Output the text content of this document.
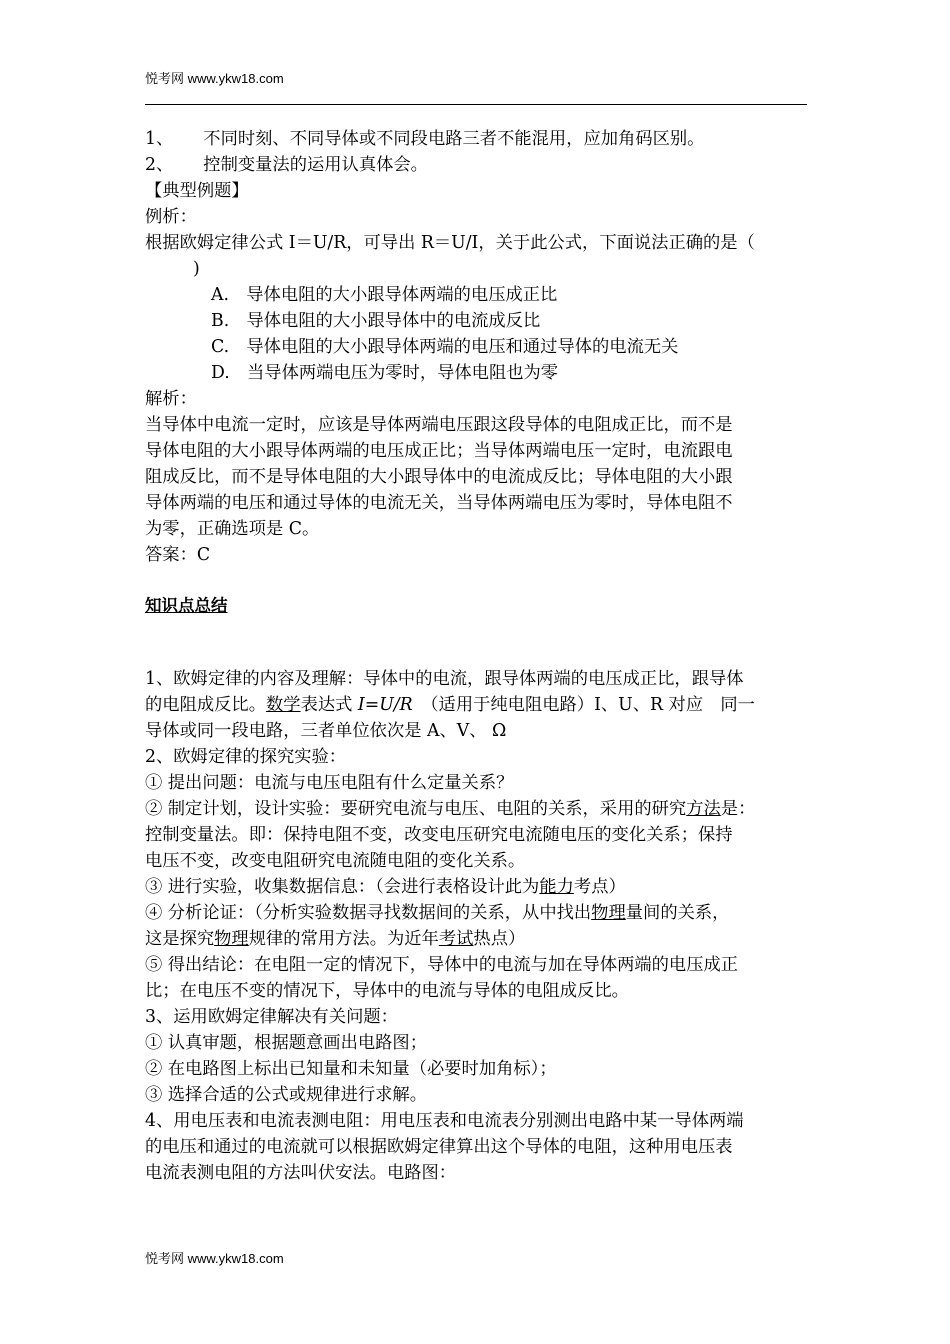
悦考网 www.ykw18.com
1、 不同时刻、不同导体或不同段电路三者不能混用，应加角码区别。
2、 控制变量法的运用认真体会。
【典型例题】
例析：
根据欧姆定律公式 I＝U/R，可导出 R＝U/I，关于此公式，下面说法正确的是（
)
A.　导体电阻的大小跟导体两端的电压成正比
B.　导体电阻的大小跟导体中的电流成反比
C.　导体电阻的大小跟导体两端的电压和通过导体的电流无关
D.　当导体两端电压为零时，导体电阻也为零
解析：
当导体中电流一定时，应该是导体两端电压跟这段导体的电阻成正比，而不是
导体电阻的大小跟导体两端的电压成正比；当导体两端电压一定时，电流跟电
阻成反比，而不是导体电阻的大小跟导体中的电流成反比；导体电阻的大小跟
导体两端的电压和通过导体的电流无关，当导体两端电压为零时，导体电阻不
为零，正确选项是 C。
答案：C
知识点总结
1、欧姆定律的内容及理解：导体中的电流，跟导体两端的电压成正比，跟导体
的电阻成反比。数学表达式 I=U/R　（适用于纯电阻电路）I、U、R 对应　同一
导体或同一段电路，三者单位依次是 A、V、 Ω
2、欧姆定律的探究实验：
① 提出问题：电流与电压电阻有什么定量关系？
② 制定计划，设计实验：要研究电流与电压、电阻的关系，采用的研究方法是：
控制变量法。即：保持电阻不变，改变电压研究电流随电压的变化关系；保持
电压不变，改变电阻研究电流随电阻的变化关系。
③ 进行实验，收集数据信息：（会进行表格设计此为能力考点）
④ 分析论证：（分析实验数据寻找数据间的关系，从中找出物理量间的关系，
这是探究物理规律的常用方法。为近年考试热点）
⑤ 得出结论：在电阻一定的情况下，导体中的电流与加在导体两端的电压成正
比；在电压不变的情况下，导体中的电流与导体的电阻成反比。
3、运用欧姆定律解决有关问题：
① 认真审题，根据题意画出电路图；
② 在电路图上标出已知量和未知量（必要时加角标）；
③ 选择合适的公式或规律进行求解。
4、用电压表和电流表测电阻：用电压表和电流表分别测出电路中某一导体两端
的电压和通过的电流就可以根据欧姆定律算出这个导体的电阻，这种用电压表
电流表测电阻的方法叫伏安法。电路图：
悦考网 www.ykw18.com
